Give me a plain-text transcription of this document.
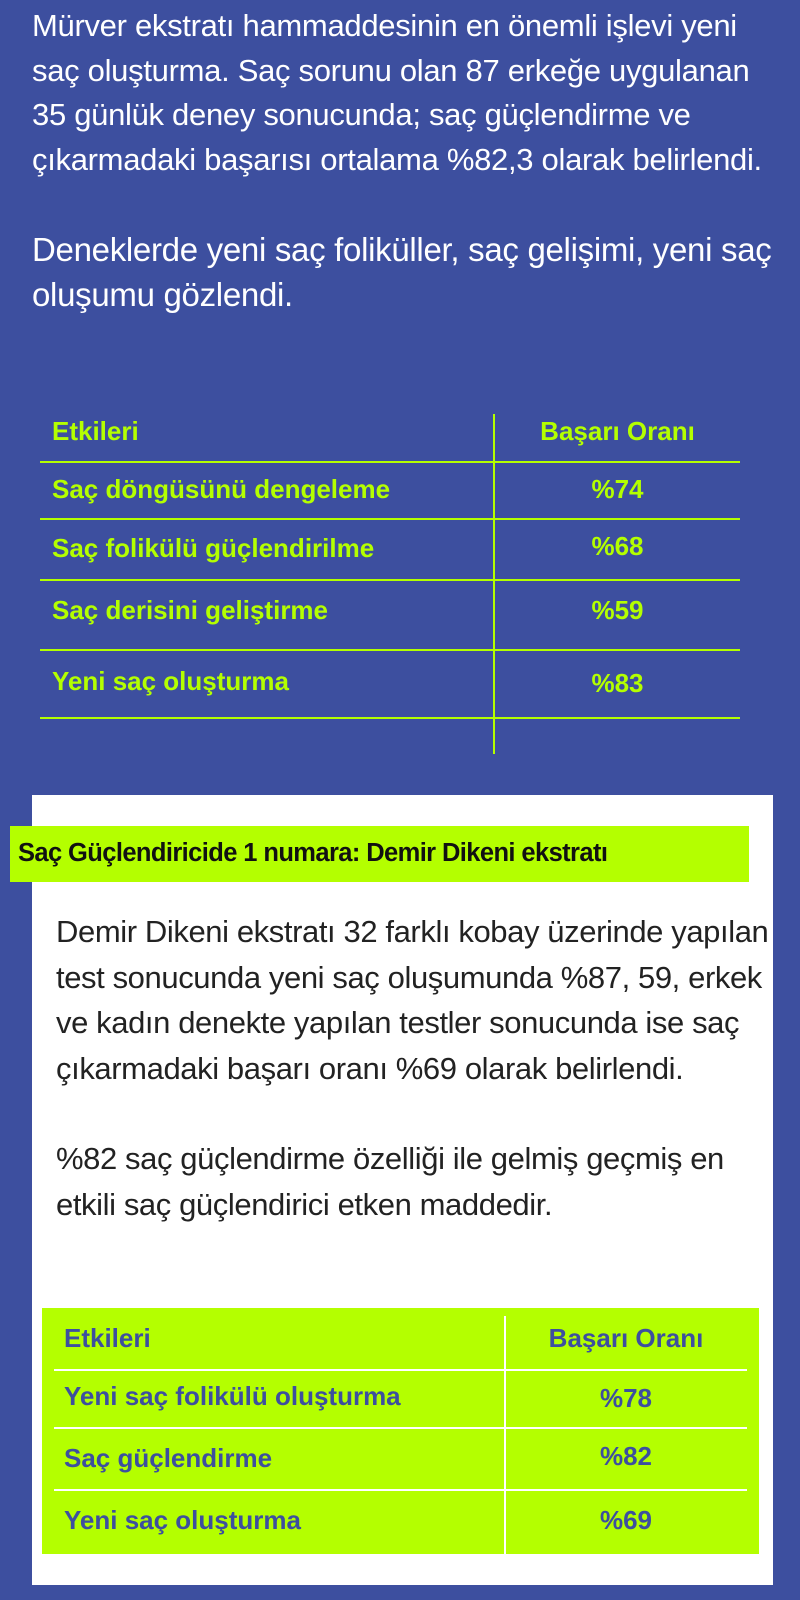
Mürver ekstratı hammaddesinin en önemli işlevi yeni saç oluşturma. Saç sorunu olan 87 erkeğe uygulanan 35 günlük deney sonucunda; saç güçlendirme ve çıkarmadaki başarısı ortalama %82,3 olarak belirlendi.

Deneklerde yeni saç foliküller, saç gelişimi, yeni saç oluşumu gözlendi.

Etkileri	Başarı Oranı
Saç döngüsünü dengeleme	%74
Saç folikülü güçlendirilme	%68
Saç derisini geliştirme	%59
Yeni saç oluşturma	%83
Saç Güçlendiricide 1 numara: Demir Dikeni ekstratı

Demir Dikeni ekstratı 32 farklı kobay üzerinde yapılan test sonucunda yeni saç oluşumunda %87, 59, erkek ve kadın denekte yapılan testler sonucunda ise saç çıkarmadaki başarı oranı %69 olarak belirlendi.

%82 saç güçlendirme özelliği ile gelmiş geçmiş en etkili saç güçlendirici etken maddedir.

Etkileri	Başarı Oranı
Yeni saç folikülü oluşturma	%78
Saç güçlendirme	%82
Yeni saç oluşturma	%69
